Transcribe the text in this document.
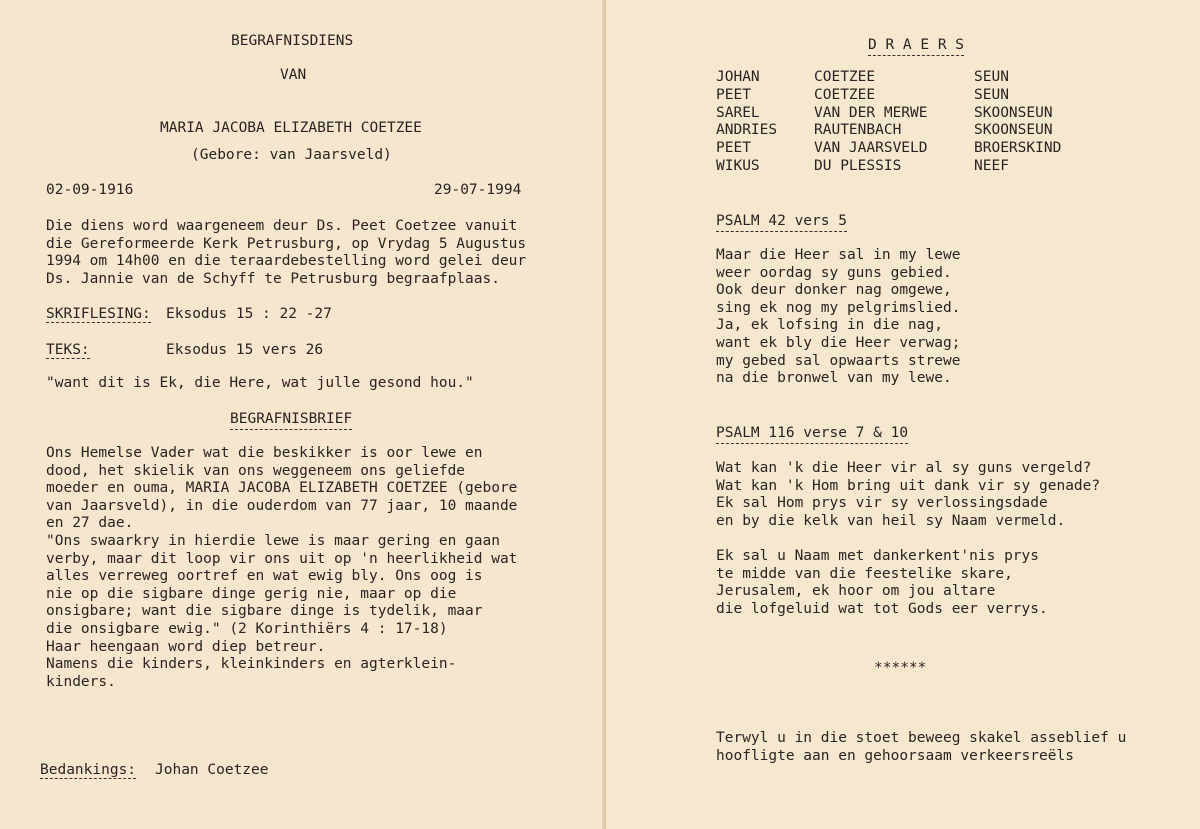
BEGRAFNISDIENS
VAN
MARIA JACOBA ELIZABETH COETZEE
(Gebore: van Jaarsveld)
02-09-1916	29-07-1994
Die diens word waargeneem deur Ds. Peet Coetzee vanuit
die Gereformeerde Kerk Petrusburg, op Vrydag 5 Augustus
1994 om 14h00 en die teraardebestelling word gelei deur
Ds. Jannie van de Schyff te Petrusburg begraafplaas.
SKRIFLESING: Eksodus 15 : 22 -27
TEKS:	Eksodus 15 vers 26
"want dit is Ek, die Here, wat julle gesond hou."
BEGRAFNISBRIEF
Ons Hemelse Vader wat die beskikker is oor lewe en
dood, het skielik van ons weggeneem ons geliefde
moeder en ouma, MARIA JACOBA ELIZABETH COETZEE (gebore
van Jaarsveld), in die ouderdom van 77 jaar, 10 maande
en 27 dae.
"Ons swaarkry in hierdie lewe is maar gering en gaan
verby, maar dit loop vir ons uit op 'n heerlikheid wat
alles verreweg oortref en wat ewig bly. Ons oog is
nie op die sigbare dinge gerig nie, maar op die
onsigbare; want die sigbare dinge is tydelik, maar
die onsigbare ewig." (2 Korinthiërs 4 : 17-18)
Haar heengaan word diep betreur.
Namens die kinders, kleinkinders en agterklein-
kinders.
Bedankings: Johan Coetzee
D R A E R S
JOHAN
PEET
SAREL
ANDRIES
PEET
WIKUS
COETZEE
COETZEE
VAN DER MERWE
RAUTENBACH
VAN JAARSVELD
DU PLESSIS
SEUN
SEUN
SKOONSEUN
SKOONSEUN
BROERSKIND
NEEF
PSALM 42 vers 5
Maar die Heer sal in my lewe
weer oordag sy guns gebied.
Ook deur donker nag omgewe,
sing ek nog my pelgrimslied.
Ja, ek lofsing in die nag,
want ek bly die Heer verwag;
my gebed sal opwaarts strewe
na die bronwel van my lewe.
PSALM 116 verse 7 & 10
Wat kan 'k die Heer vir al sy guns vergeld?
Wat kan 'k Hom bring uit dank vir sy genade?
Ek sal Hom prys vir sy verlossingsdade
en by die kelk van heil sy Naam vermeld.
Ek sal u Naam met dankerkent'nis prys
te midde van die feestelike skare,
Jerusalem, ek hoor om jou altare
die lofgeluid wat tot Gods eer verrys.
******
Terwyl u in die stoet beweeg skakel asseblief u
hoofligte aan en gehoorsaam verkeersreëls
